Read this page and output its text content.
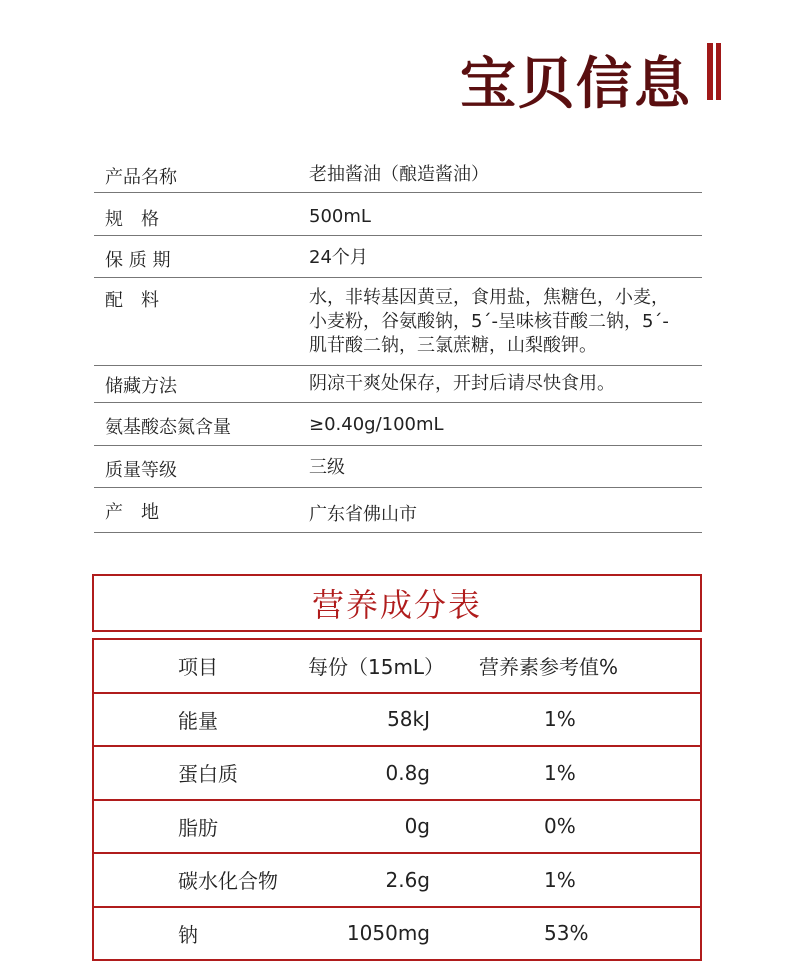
宝贝信息
产品名称	老抽酱油（酿造酱油）
规　格	500mL
保 质 期	24个月
配　料	水，非转基因黄豆，食用盐，焦糖色，小麦，
小麦粉，谷氨酸钠，5´-呈味核苷酸二钠，5´-
肌苷酸二钠，三氯蔗糖，山梨酸钾。
储藏方法	阴凉干爽处保存，开封后请尽快食用。
氨基酸态氮含量	≥0.40g/100mL
质量等级	三级
产　地	广东省佛山市
营养成分表
项目	每份（15mL） 营养素参考值%
能量	58kJ	1%
蛋白质	0.8g	1%
脂肪	0g	0%
碳水化合物	2.6g	1%
钠	1050mg	53%
